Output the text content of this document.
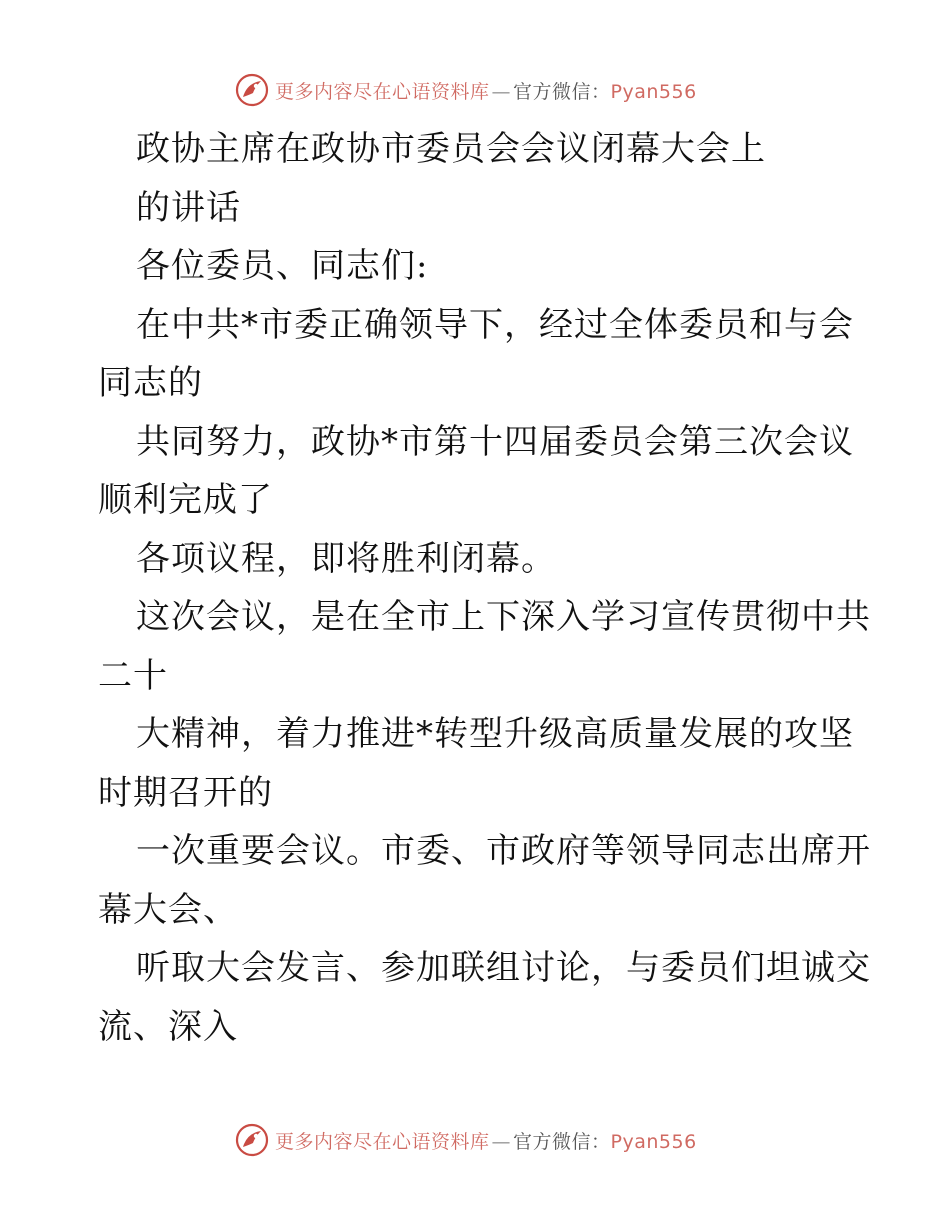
更多内容尽在心语资料库 — 官方微信：Pyan556
政协主席在政协市委员会会议闭幕大会上
的讲话
各位委员、同志们:
在中共*市委正确领导下，经过全体委员和与会
同志的
共同努力，政协*市第十四届委员会第三次会议
顺利完成了
各项议程，即将胜利闭幕。
这次会议，是在全市上下深入学习宣传贯彻中共
二十
大精神，着力推进*转型升级高质量发展的攻坚
时期召开的
一次重要会议。市委、市政府等领导同志出席开
幕大会、
听取大会发言、参加联组讨论，与委员们坦诚交
流、深入
更多内容尽在心语资料库 — 官方微信：Pyan556
